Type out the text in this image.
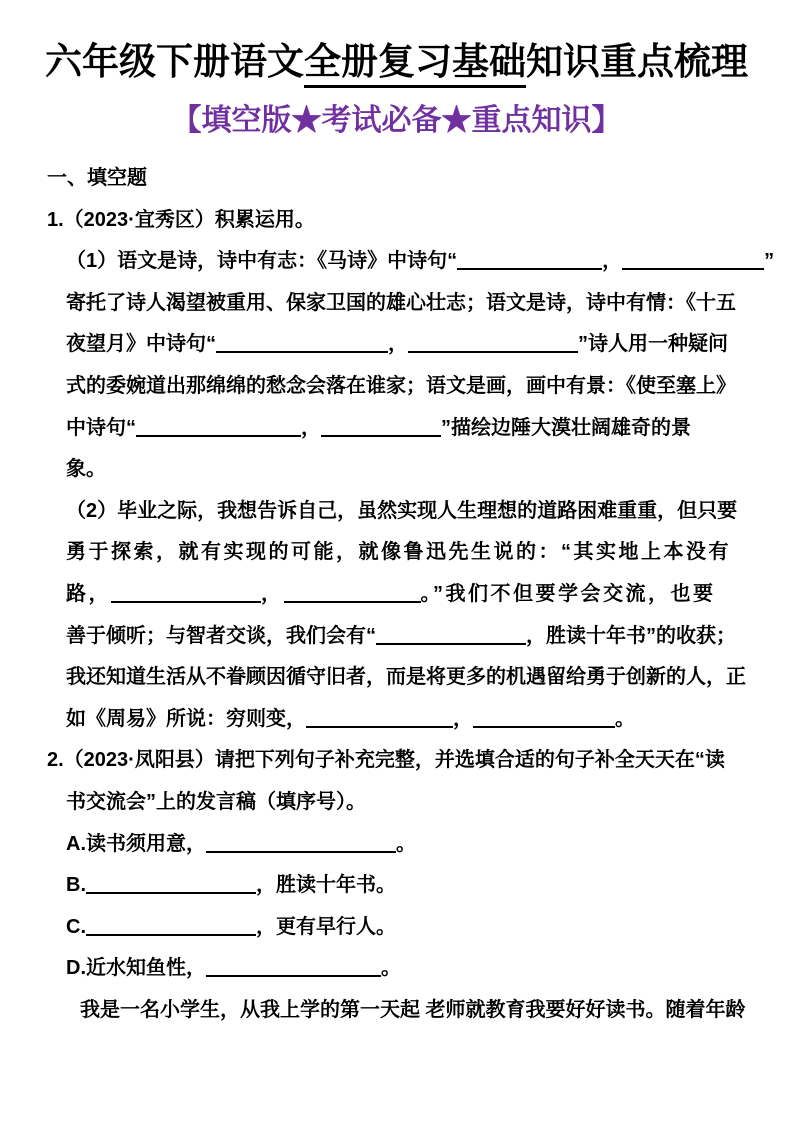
六年级下册语文全册复习基础知识重点梳理
【填空版★考试必备★重点知识】
一、填空题
1.（2023·宜秀区）积累运用。
（1）语文是诗，诗中有志：《马诗》中诗句“	，	”
寄托了诗人渴望被重用、保家卫国的雄心壮志；语文是诗，诗中有情：《十五
夜望月》中诗句“	，	”诗人用一种疑问
式的委婉道出那绵绵的愁念会落在谁家；语文是画，画中有景：《使至塞上》
中诗句“	，	”描绘边陲大漠壮阔雄奇的景
象。
（2）毕业之际，我想告诉自己，虽然实现人生理想的道路困难重重，但只要
勇于探索，就有实现的可能，就像鲁迅先生说的：“其实地上本没有
路，	，	。”我们不但要学会交流，也要
善于倾听；与智者交谈，我们会有“	，胜读十年书”的收获；
我还知道生活从不眷顾因循守旧者，而是将更多的机遇留给勇于创新的人，正
如《周易》所说：穷则变，	，	。
2.（2023·凤阳县）请把下列句子补充完整，并选填合适的句子补全天天在“读
书交流会”上的发言稿（填序号）。
A.读书须用意，	。
B.	，胜读十年书。
C.	，更有早行人。
D.近水知鱼性，	。
我是一名小学生，从我上学的第一天起 老师就教育我要好好读书。随着年龄
